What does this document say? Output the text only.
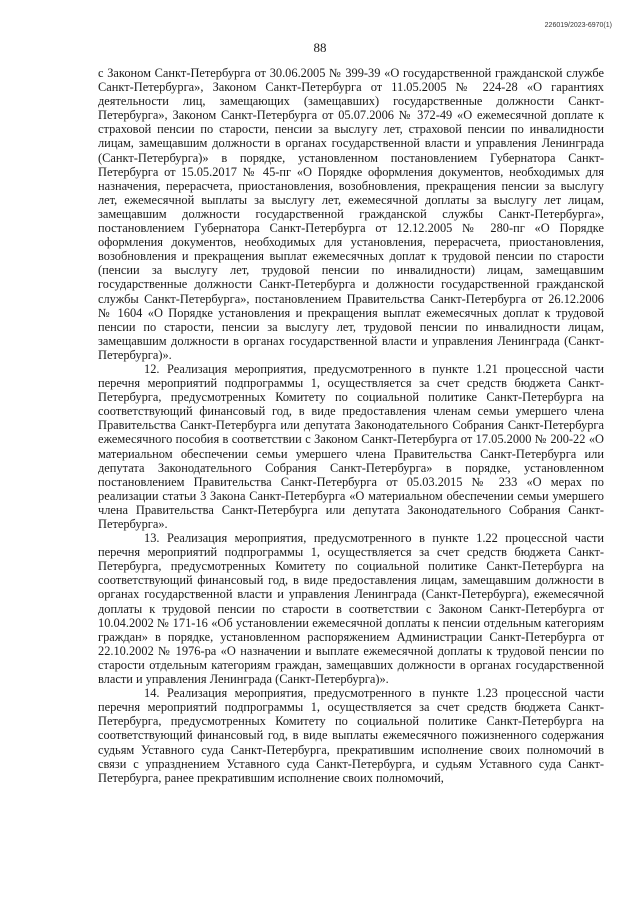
226019/2023-6970(1)
88

с Законом Санкт-Петербурга от 30.06.2005 № 399-39 «О государственной гражданской службе Санкт-Петербурга», Законом Санкт-Петербурга от 11.05.2005 № 224-28 «О гарантиях деятельности лиц, замещающих (замещавших) государственные должности Санкт-Петербурга», Законом Санкт-Петербурга от 05.07.2006 № 372-49 «О ежемесячной доплате к страховой пенсии по старости, пенсии за выслугу лет, страховой пенсии по инвалидности лицам, замещавшим должности в органах государственной власти и управления Ленинграда (Санкт-Петербурга)» в порядке, установленном постановлением Губернатора Санкт-Петербурга от 15.05.2017 № 45-пг «О Порядке оформления документов, необходимых для назначения, перерасчета, приостановления, возобновления, прекращения пенсии за выслугу лет, ежемесячной выплаты за выслугу лет, ежемесячной доплаты за выслугу лет лицам, замещавшим должности государственной гражданской службы Санкт-Петербурга», постановлением Губернатора Санкт-Петербурга от 12.12.2005 № 280-пг «О Порядке оформления документов, необходимых для установления, перерасчета, приостановления, возобновления и прекращения выплат ежемесячных доплат к трудовой пенсии по старости (пенсии за выслугу лет, трудовой пенсии по инвалидности) лицам, замещавшим государственные должности Санкт-Петербурга и должности государственной гражданской службы Санкт-Петербурга», постановлением Правительства Санкт-Петербурга от 26.12.2006 № 1604 «О Порядке установления и прекращения выплат ежемесячных доплат к трудовой пенсии по старости, пенсии за выслугу лет, трудовой пенсии по инвалидности лицам, замещавшим должности в органах государственной власти и управления Ленинграда (Санкт-Петербурга)».

12. Реализация мероприятия, предусмотренного в пункте 1.21 процессной части перечня мероприятий подпрограммы 1, осуществляется за счет средств бюджета Санкт-Петербурга, предусмотренных Комитету по социальной политике Санкт-Петербурга на соответствующий финансовый год, в виде предоставления членам семьи умершего члена Правительства Санкт-Петербурга или депутата Законодательного Собрания Санкт-Петербурга ежемесячного пособия в соответствии с Законом Санкт-Петербурга от 17.05.2000 № 200-22 «О материальном обеспечении семьи умершего члена Правительства Санкт-Петербурга или депутата Законодательного Собрания Санкт-Петербурга» в порядке, установленном постановлением Правительства Санкт-Петербурга от 05.03.2015 № 233 «О мерах по реализации статьи 3 Закона Санкт-Петербурга «О материальном обеспечении семьи умершего члена Правительства Санкт-Петербурга или депутата Законодательного Собрания Санкт-Петербурга».

13. Реализация мероприятия, предусмотренного в пункте 1.22 процессной части перечня мероприятий подпрограммы 1, осуществляется за счет средств бюджета Санкт-Петербурга, предусмотренных Комитету по социальной политике Санкт-Петербурга на соответствующий финансовый год, в виде предоставления лицам, замещавшим должности в органах государственной власти и управления Ленинграда (Санкт-Петербурга), ежемесячной доплаты к трудовой пенсии по старости в соответствии с Законом Санкт-Петербурга от 10.04.2002 № 171-16 «Об установлении ежемесячной доплаты к пенсии отдельным категориям граждан» в порядке, установленном распоряжением Администрации Санкт-Петербурга от 22.10.2002 № 1976-ра «О назначении и выплате ежемесячной доплаты к трудовой пенсии по старости отдельным категориям граждан, замещавших должности в органах государственной власти и управления Ленинграда (Санкт-Петербурга)».

14. Реализация мероприятия, предусмотренного в пункте 1.23 процессной части перечня мероприятий подпрограммы 1, осуществляется за счет средств бюджета Санкт-Петербурга, предусмотренных Комитету по социальной политике Санкт-Петербурга на соответствующий финансовый год, в виде выплаты ежемесячного пожизненного содержания судьям Уставного суда Санкт-Петербурга, прекратившим исполнение своих полномочий в связи с упразднением Уставного суда Санкт-Петербурга, и судьям Уставного суда Санкт-Петербурга, ранее прекратившим исполнение своих полномочий,
